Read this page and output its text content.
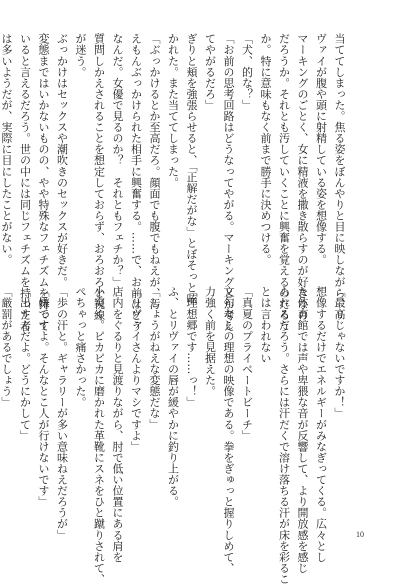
当ててしまった。焦る姿をぼんやりと目に映しながら、リ
ヴァイが腹や頭に射精している姿を想像する。
マーキングのごとく、女に精液を撒き散らすのが好きなの
だろうか。それとも汚していくことに興奮を覚えるのだろう
か。特に意味もなく前まで勝手に決めつける。
「犬、的な？」
「お前の思考回路はどうなってやがる。マーキングとか考え
てやがるだろ」
ぎりと頬を強張らせると、「正解だがな」とぼそっと呟
かれた。また当ててしまった。
「ぶっかけるとか至高だろ。顔面でも腹でもねえが、汚
えもんぶっかけられた相手に興奮する。……で、お前はどう
なんだ。女優で見るのか？　それともフェチか？」
質問しかえされることを想定しておらず、おろおろと視線
が迷う。
ぶっかけはセックスや潮吹きのセックスが好きだ。
変態まではいかないものの、やや特殊なフェチズムを持って
いると言えるだろう。世の中には同じフェチズムを持った者
は多いようだが、実際に目にしたことがない。
「最高じゃないですか！」
想像するだけでエネルギーがみなぎってくる。広々とし
た体育館では声や卑猥な音が反響して、より開放感を感じ
られるだろう。さらには汗だくで溶け落ちる汗が床を彩るこ
とは言われない
「真夏のプライベートビーチ」
文句なしの理想の映像である。拳をぎゅっと握りしめて、
力強く前を見据えた。
「理想郷です……っ！」
ふ、とリヴァイの唇が緩やかに釣り上がる。
「しょうがねえな変態だな」
「リヴァイさんよりマシですよ」
店内をぐるりと見渡りながら、肘で低い位置にある肩を
小突く。ピカピカに磨かれた革靴にスネをひと蹴りされて、
ぺちゃっと痛さかった。
「歩の汗と。ギャラリーが多い意味ねえだろうが」
「嫌ですよ。そんなとこ人が行けないです」
「出すんだよ。どうにかして」
「厳罰があるでしょう」
10
